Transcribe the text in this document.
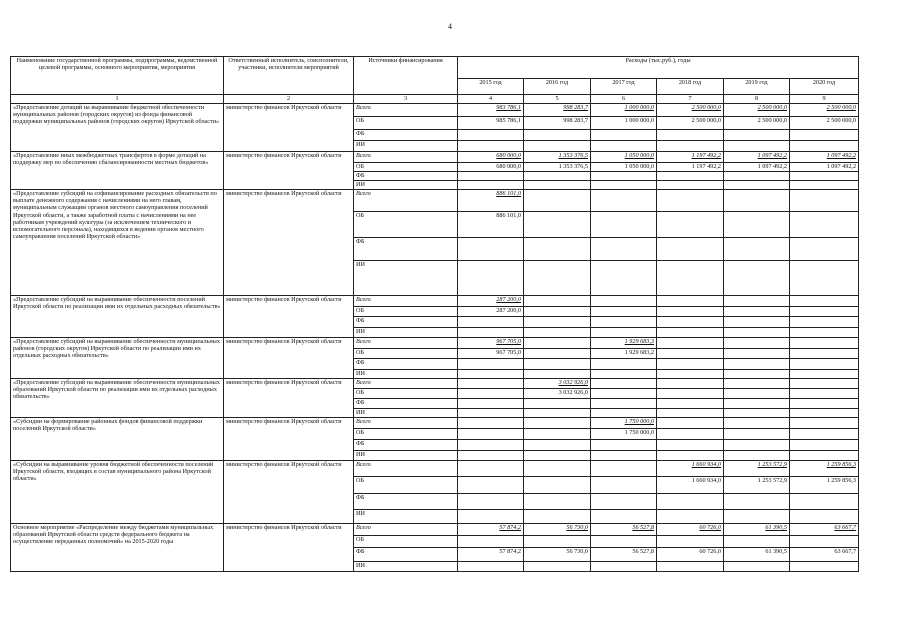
4
Наименование государственной программы, подпрограммы, ведомственной целевой программы, основного мероприятия, мероприятия	Ответственный исполнитель, соисполнители, участники, исполнители мероприятий	Источники финансирования	Расходы (тыс.руб.), годы					
			2015 год	2016 год	2017 год	2018 год	2019 год	2020 год
1	2	3	4	5	6	7	8	9
«Предоставление дотаций на выравнивание бюджетной обеспеченности муниципальных районов (городских округов) из фонда финансовой поддержки муниципальных районов (городских округов) Иркутской области»	министерство финансов Иркутской области	Всего	983 786,1	998 283,7	1 000 000,0	2 500 000,0	2 500 000,0	2 500 000,0
		ОБ	985 786,1	998 283,7	1 000 000,0	2 500 000,0	2 500 000,0	2 500 000,0
		ФБ						
		ИИ						
«Предоставление иных межбюджетных трансфертов в форме дотаций на поддержку мер по обеспечению сбалансированности местных бюджетов»	министерство финансов Иркутской области	Всего	680 000,0	1 353 376,5	1 050 000,0	1 197 492,2	1 097 492,2	1 097 492,2
		ОБ	680 000,0	1 353 376,5	1 050 000,0	1 197 492,2	1 097 492,2	1 097 492,2
		ФБ						
		ИИ						
«Предоставление субсидий на софинансирование расходных обязательств по выплате денежного содержания с начислениями на него главам, муниципальным служащим органов местного самоуправления поселений Иркутской области, а также заработной платы с начислениями на нее работникам учреждений культуры (за исключением технического и вспомогательного персонала), находящихся в ведении органов местного самоуправления поселений Иркутской области»	министерство финансов Иркутской области	Всего	886 101,0					
		ОБ	886 101,0					
		ФБ						
		ИИ						
«Предоставление субсидий на выравнивание обеспеченности поселений Иркутской области по реализации ими их отдельных расходных обязательств»	министерство финансов Иркутской области	Всего	287 200,0					
		ОБ	287 200,0					
		ФБ						
		ИИ						
«Предоставление субсидий на выравнивание обеспеченности муниципальных районов (городских округов) Иркутской области по реализации ими их отдельных расходных обязательств»	министерство финансов Иркутской области	Всего	967 705,0		1 929 683,3			
		ОБ	967 705,0		1 929 683,2			
		ФБ						
		ИИ						
«Предоставление субсидий на выравнивание обеспеченности муниципальных образований Иркутской области по реализации ими их отдельных расходных обязательств»	министерство финансов Иркутской области	Всего		3 032 926,0				
		ОБ		3 032 926,0				
		ФБ						
		ИИ						
«Субсидии на формирование районных фондов финансовой поддержки поселений Иркутской области»	министерство финансов Иркутской области	Всего			1 750 000,0			
		ОБ			1 750 000,0			
		ФБ						
		ИИ						
«Субсидии на выравнивание уровня бюджетной обеспеченности поселений Иркутской области, входящих в состав муниципального района Иркутской области»	министерство финансов Иркутской области	Всего				1 660 934,0	1 253 572,9	1 259 856,3
		ОБ				1 660 934,0	1 253 572,9	1 259 856,3
		ФБ						
		ИИ						
Основное мероприятие «Распределение между бюджетами муниципальных образований Иркутской области средств федерального бюджета на осуществление переданных полномочий» на 2015-2020 годы	министерство финансов Иркутской области	Всего	57 874,2	56 730,0	56 527,8	60 726,0	61 390,5	63 667,7
		ОБ						
		ФБ	57 874,2	56 730,0	56 527,8	60 726,0	61 390,5	63 667,7
		ИИ						
